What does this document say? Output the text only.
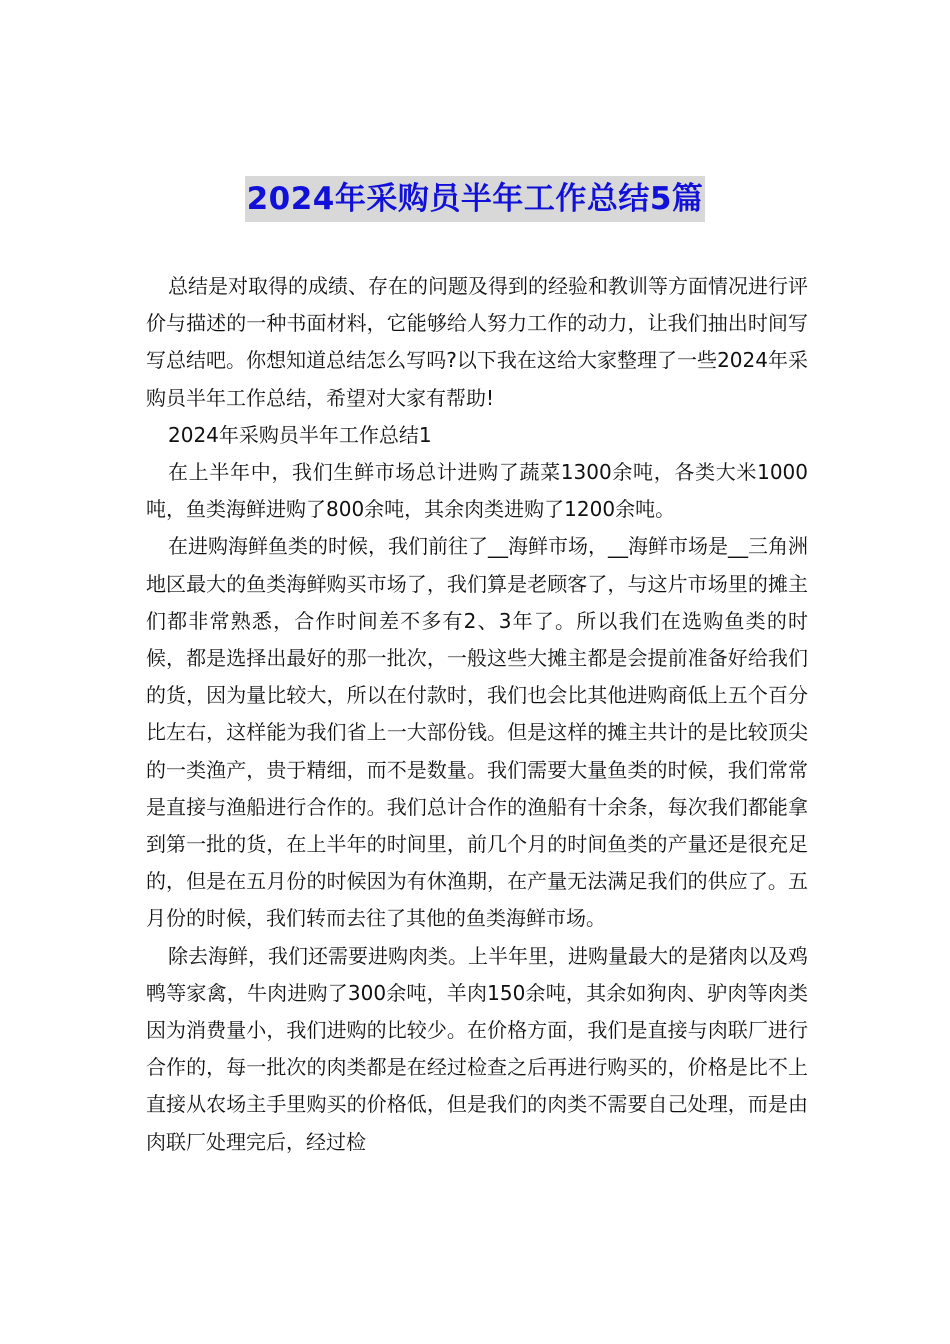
2024年采购员半年工作总结5篇

总结是对取得的成绩、存在的问题及得到的经验和教训等方面情况进行评价与描述的一种书面材料，它能够给人努力工作的动力，让我们抽出时间写写总结吧。你想知道总结怎么写吗?以下我在这给大家整理了一些2024年采购员半年工作总结，希望对大家有帮助!

2024年采购员半年工作总结1

在上半年中，我们生鲜市场总计进购了蔬菜1300余吨，各类大米1000吨，鱼类海鲜进购了800余吨，其余肉类进购了1200余吨。

在进购海鲜鱼类的时候，我们前往了__海鲜市场，__海鲜市场是__三角洲地区最大的鱼类海鲜购买市场了，我们算是老顾客了，与这片市场里的摊主们都非常熟悉，合作时间差不多有2、3年了。所以我们在选购鱼类的时候，都是选择出最好的那一批次，一般这些大摊主都是会提前准备好给我们的货，因为量比较大，所以在付款时，我们也会比其他进购商低上五个百分比左右，这样能为我们省上一大部份钱。但是这样的摊主共计的是比较顶尖的一类渔产，贵于精细，而不是数量。我们需要大量鱼类的时候，我们常常是直接与渔船进行合作的。我们总计合作的渔船有十余条，每次我们都能拿到第一批的货，在上半年的时间里，前几个月的时间鱼类的产量还是很充足的，但是在五月份的时候因为有休渔期，在产量无法满足我们的供应了。五月份的时候，我们转而去往了其他的鱼类海鲜市场。

除去海鲜，我们还需要进购肉类。上半年里，进购量最大的是猪肉以及鸡鸭等家禽，牛肉进购了300余吨，羊肉150余吨，其余如狗肉、驴肉等肉类因为消费量小，我们进购的比较少。在价格方面，我们是直接与肉联厂进行合作的，每一批次的肉类都是在经过检查之后再进行购买的，价格是比不上直接从农场主手里购买的价格低，但是我们的肉类不需要自己处理，而是由肉联厂处理完后，经过检
